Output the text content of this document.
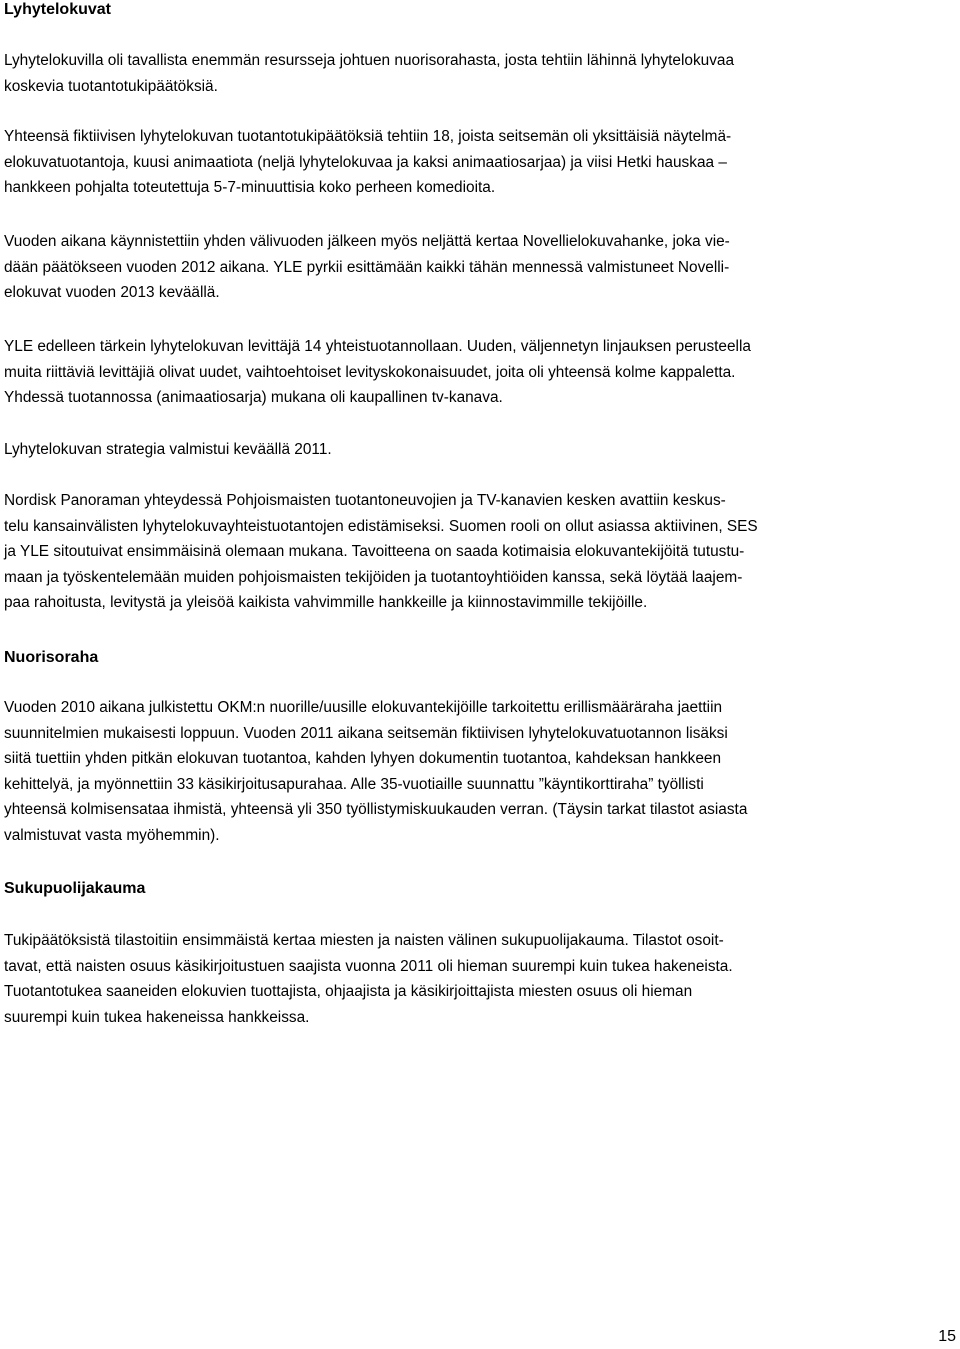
Lyhytelokuvat

Lyhytelokuvilla oli tavallista enemmän resursseja johtuen nuorisorahasta, josta tehtiin lähinnä lyhytelokuvaa
koskevia tuotantotukipäätöksiä.

Yhteensä fiktiivisen lyhytelokuvan tuotantotukipäätöksiä tehtiin 18, joista seitsemän oli yksittäisiä näytelmä-
elokuvatuotantoja, kuusi animaatiota (neljä lyhytelokuvaa ja kaksi animaatiosarjaa) ja viisi Hetki hauskaa –
hankkeen pohjalta toteutettuja 5-7-minuuttisia koko perheen komedioita.

Vuoden aikana käynnistettiin yhden välivuoden jälkeen myös neljättä kertaa Novellielokuvahanke, joka vie-
dään päätökseen vuoden 2012 aikana. YLE pyrkii esittämään kaikki tähän mennessä valmistuneet Novelli-
elokuvat vuoden 2013 keväällä.

YLE edelleen tärkein lyhytelokuvan levittäjä 14 yhteistuotannollaan. Uuden, väljennetyn linjauksen perusteella
muita riittäviä levittäjiä olivat uudet, vaihtoehtoiset levityskokonaisuudet, joita oli yhteensä kolme kappaletta.
Yhdessä tuotannossa (animaatiosarja) mukana oli kaupallinen tv-kanava.

Lyhytelokuvan strategia valmistui keväällä 2011.

Nordisk Panoraman yhteydessä Pohjoismaisten tuotantoneuvojien ja TV-kanavien kesken avattiin keskus-
telu kansainvälisten lyhytelokuvayhteistuotantojen edistämiseksi. Suomen rooli on ollut asiassa aktiivinen, SES
ja YLE sitoutuivat ensimmäisinä olemaan mukana. Tavoitteena on saada kotimaisia elokuvantekijöitä tutustu-
maan ja työskentelemään muiden pohjoismaisten tekijöiden ja tuotantoyhtiöiden kanssa, sekä löytää laajem-
paa rahoitusta, levitystä ja yleisöä kaikista vahvimmille hankkeille ja kiinnostavimmille tekijöille.

Nuorisoraha

Vuoden 2010 aikana julkistettu OKM:n nuorille/uusille elokuvantekijöille tarkoitettu erillismääräraha jaettiin
suunnitelmien mukaisesti loppuun. Vuoden 2011 aikana seitsemän fiktiivisen lyhytelokuvatuotannon lisäksi
siitä tuettiin yhden pitkän elokuvan tuotantoa, kahden lyhyen dokumentin tuotantoa, kahdeksan hankkeen
kehittelyä, ja myönnettiin 33 käsikirjoitusapurahaa. Alle 35-vuotiaille suunnattu ”käyntikorttiraha” työllisti
yhteensä kolmisensataa ihmistä, yhteensä yli 350 työllistymiskuukauden verran. (Täysin tarkat tilastot asiasta
valmistuvat vasta myöhemmin).

Sukupuolijakauma

Tukipäätöksistä tilastoitiin ensimmäistä kertaa miesten ja naisten välinen sukupuolijakauma. Tilastot osoit-
tavat, että naisten osuus käsikirjoitustuen saajista vuonna 2011 oli hieman suurempi kuin tukea hakeneista.
Tuotantotukea saaneiden elokuvien tuottajista, ohjaajista ja käsikirjoittajista miesten osuus oli hieman
suurempi kuin tukea hakeneissa hankkeissa.

15
